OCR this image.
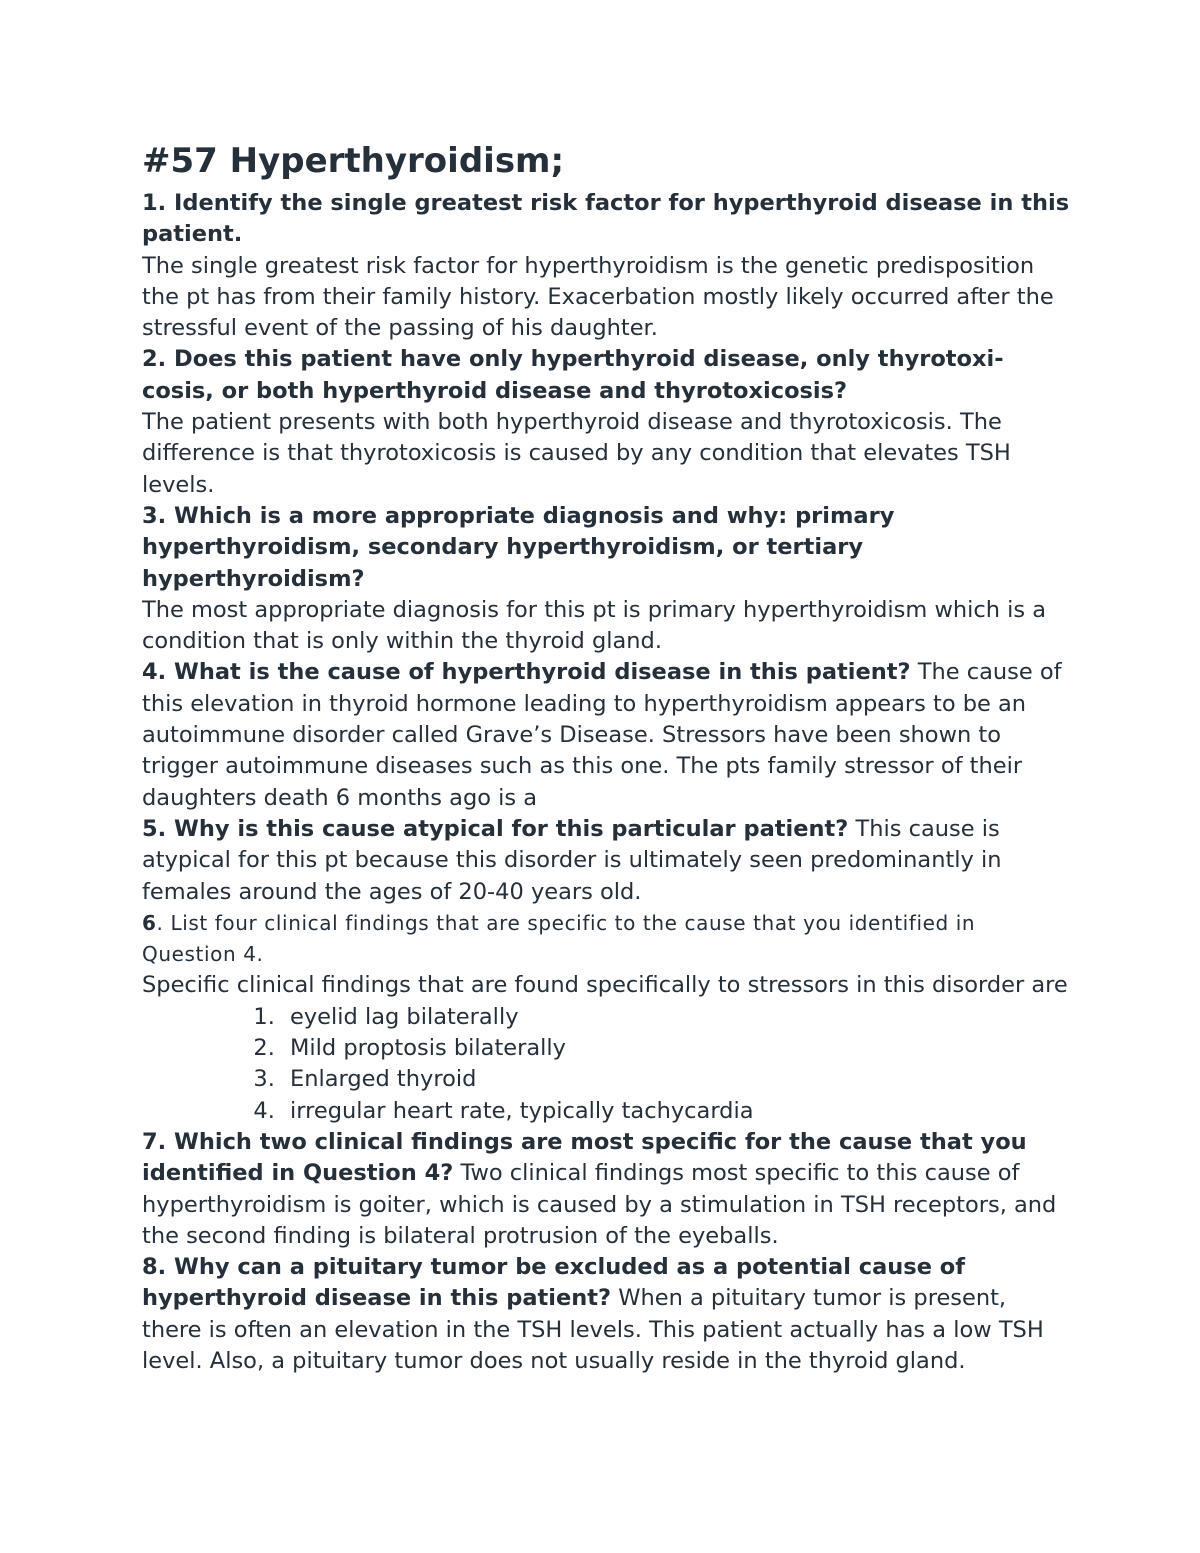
#57 Hyperthyroidism;

1. Identify the single greatest risk factor for hyperthyroid disease in this patient.

The single greatest risk factor for hyperthyroidism is the genetic predisposition the pt has from their family history. Exacerbation mostly likely occurred after the stressful event of the passing of his daughter.

2. Does this patient have only hyperthyroid disease, only thyrotoxi-cosis, or both hyperthyroid disease and thyrotoxicosis?

The patient presents with both hyperthyroid disease and thyrotoxicosis. The difference is that thyrotoxicosis is caused by any condition that elevates TSH levels.

3. Which is a more appropriate diagnosis and why: primary hyperthyroidism, secondary hyperthyroidism, or tertiary hyperthyroidism?

The most appropriate diagnosis for this pt is primary hyperthyroidism which is a condition that is only within the thyroid gland.

4. What is the cause of hyperthyroid disease in this patient? The cause of this elevation in thyroid hormone leading to hyperthyroidism appears to be an autoimmune disorder called Grave’s Disease. Stressors have been shown to trigger autoimmune diseases such as this one. The pts family stressor of their daughters death 6 months ago is a

5. Why is this cause atypical for this particular patient? This cause is atypical for this pt because this disorder is ultimately seen predominantly in females around the ages of 20-40 years old.

6. List four clinical findings that are specific to the cause that you identified in Question 4.

Specific clinical findings that are found specifically to stressors in this disorder are

1. eyelid lag bilaterally
2. Mild proptosis bilaterally
3. Enlarged thyroid
4. irregular heart rate, typically tachycardia

7. Which two clinical findings are most specific for the cause that you identified in Question 4? Two clinical findings most specific to this cause of hyperthyroidism is goiter, which is caused by a stimulation in TSH receptors, and the second finding is bilateral protrusion of the eyeballs.

8. Why can a pituitary tumor be excluded as a potential cause of hyperthyroid disease in this patient? When a pituitary tumor is present, there is often an elevation in the TSH levels. This patient actually has a low TSH level. Also, a pituitary tumor does not usually reside in the thyroid gland.
